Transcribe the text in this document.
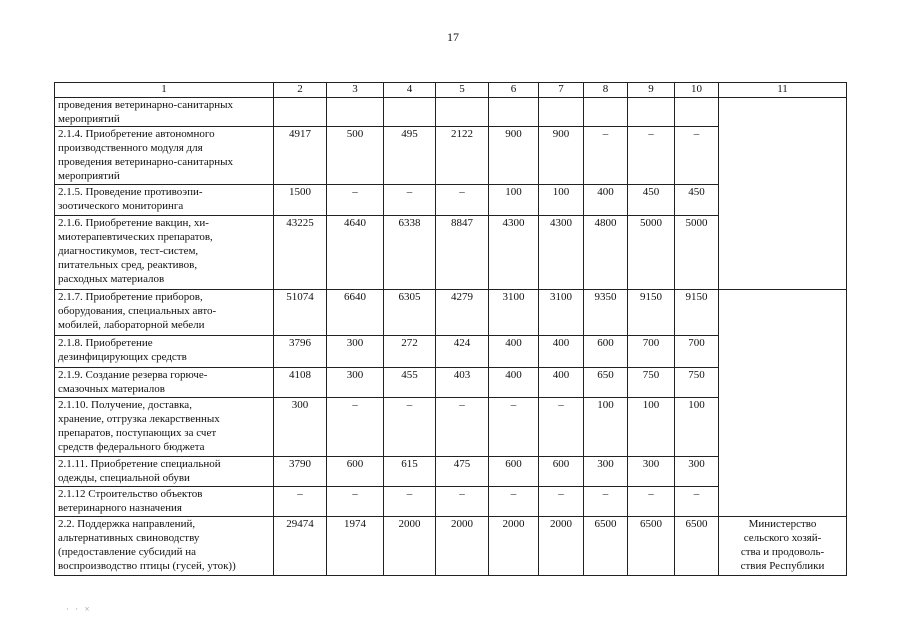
17
1	2	3	4	5	6	7	8	9	10	11
проведения ветеринарно-санитарных
мероприятий										
2.1.4. Приобретение автономного
производственного модуля для
проведения ветеринарно-санитарных
мероприятий	4917	500	495	2122	900	900	–	–	–	
2.1.5. Проведение противоэпи-
зоотического мониторинга	1500	–	–	–	100	100	400	450	450	
2.1.6. Приобретение вакцин, хи-
миотерапевтических препаратов,
диагностикумов, тест-систем,
питательных сред, реактивов,
расходных материалов	43225	4640	6338	8847	4300	4300	4800	5000	5000	
2.1.7. Приобретение приборов,
оборудования, специальных авто-
мобилей, лабораторной мебели	51074	6640	6305	4279	3100	3100	9350	9150	9150	
2.1.8. Приобретение
дезинфицирующих средств	3796	300	272	424	400	400	600	700	700	
2.1.9. Создание резерва горюче-
смазочных материалов	4108	300	455	403	400	400	650	750	750	
2.1.10. Получение, доставка,
хранение, отгрузка лекарственных
препаратов, поступающих за счет
средств федерального бюджета	300	–	–	–	–	–	100	100	100	
2.1.11. Приобретение специальной
одежды, специальной обуви	3790	600	615	475	600	600	300	300	300	
2.1.12 Строительство объектов
ветеринарного назначения	–	–	–	–	–	–	–	–	–	
2.2. Поддержка направлений,
альтернативных свиноводству
(предоставление субсидий на
воспроизводство птицы (гусей, уток))	29474	1974	2000	2000	2000	2000	6500	6500	6500	Министерство
сельского хозяй-
ства и продоволь-
ствия Республики
· · ×
